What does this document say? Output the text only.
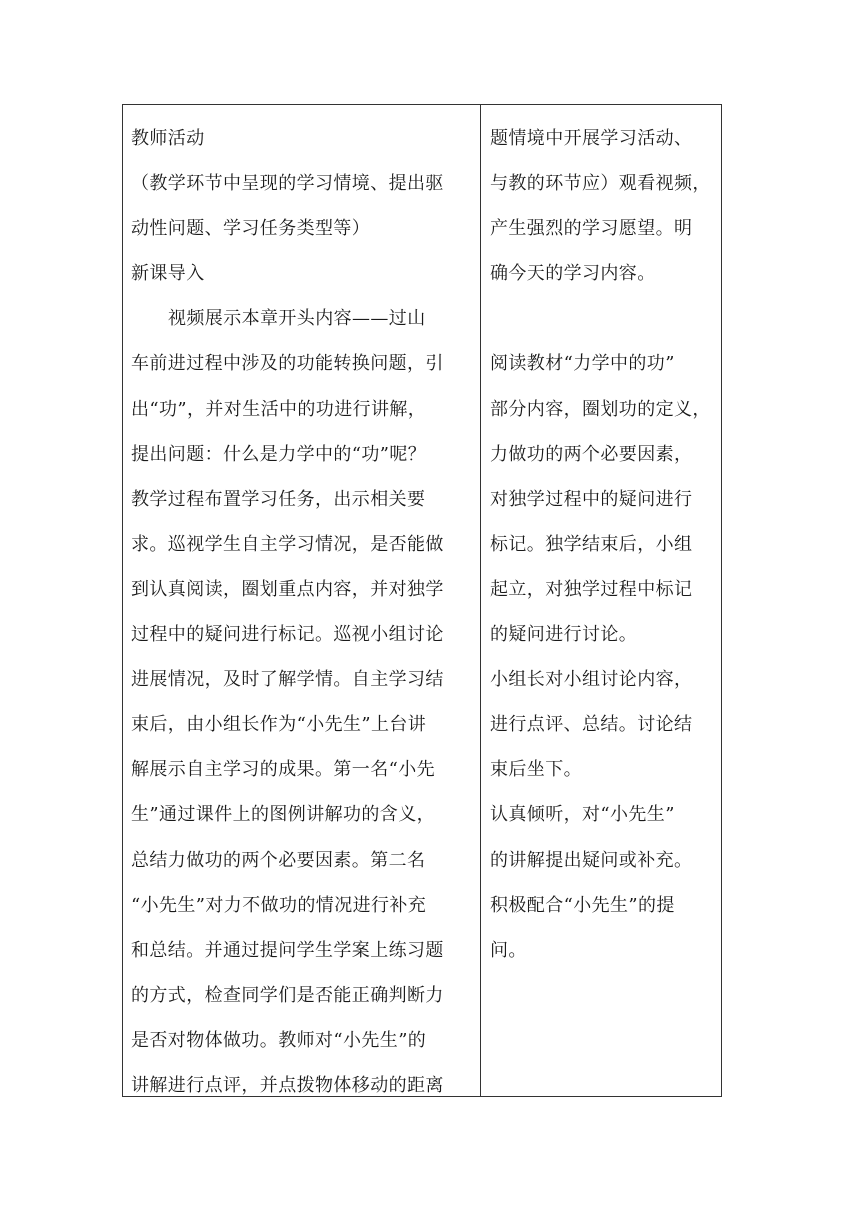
教师活动
（教学环节中呈现的学习情境、提出驱
动性问题、学习任务类型等）
新课导入
视频展示本章开头内容——过山
车前进过程中涉及的功能转换问题，引
出“功”，并对生活中的功进行讲解，
提出问题：什么是力学中的“功”呢？
教学过程布置学习任务，出示相关要
求。巡视学生自主学习情况，是否能做
到认真阅读，圈划重点内容，并对独学
过程中的疑问进行标记。巡视小组讨论
进展情况，及时了解学情。自主学习结
束后，由小组长作为“小先生”上台讲
解展示自主学习的成果。第一名“小先
生”通过课件上的图例讲解功的含义，
总结力做功的两个必要因素。第二名
“小先生”对力不做功的情况进行补充
和总结。并通过提问学生学案上练习题
的方式，检查同学们是否能正确判断力
是否对物体做功。教师对“小先生”的
讲解进行点评，并点拨物体移动的距离
题情境中开展学习活动、
与教的环节应）观看视频，
产生强烈的学习愿望。明
确今天的学习内容。
阅读教材“力学中的功”
部分内容，圈划功的定义，
力做功的两个必要因素，
对独学过程中的疑问进行
标记。独学结束后，小组
起立，对独学过程中标记
的疑问进行讨论。
小组长对小组讨论内容，
进行点评、总结。讨论结
束后坐下。
认真倾听，对“小先生”
的讲解提出疑问或补充。
积极配合“小先生”的提
问。
